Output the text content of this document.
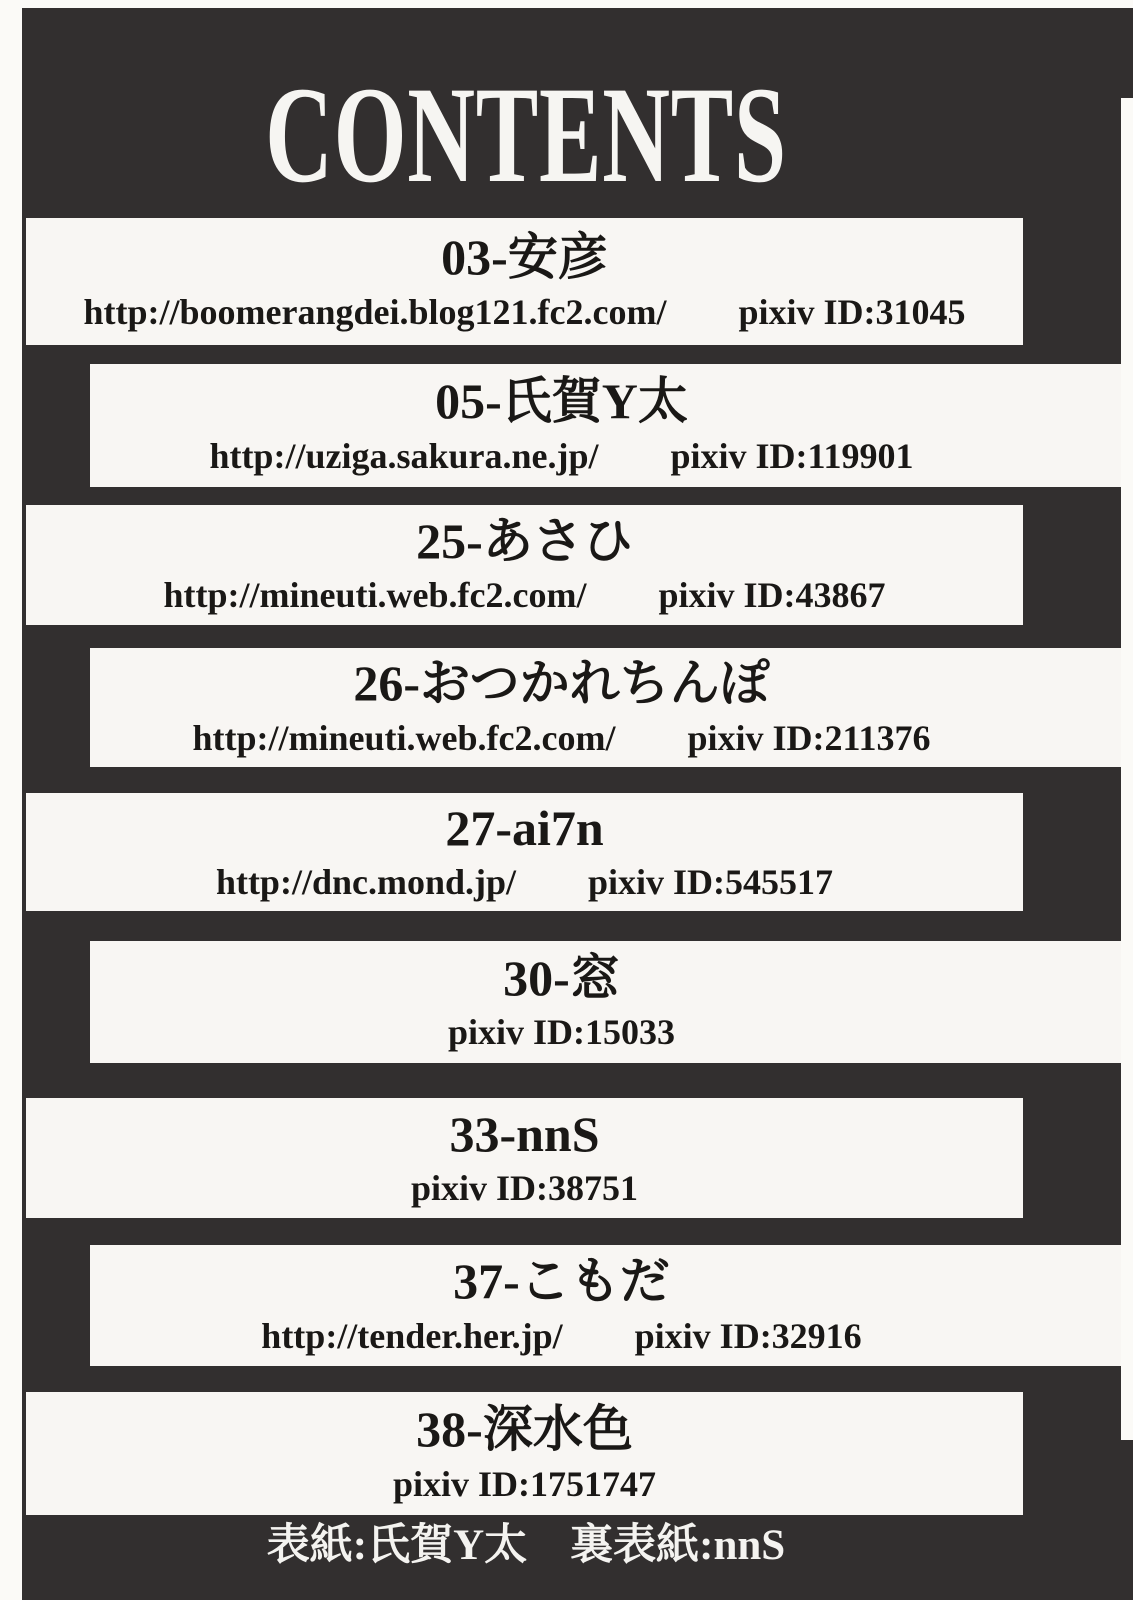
CONTENTS
03-安彦
http://boomerangdei.blog121.fc2.com/ pixiv ID:31045
05-氏賀Y太
http://uziga.sakura.ne.jp/ pixiv ID:119901
25-あさひ
http://mineuti.web.fc2.com/ pixiv ID:43867
26-おつかれちんぽ
http://mineuti.web.fc2.com/ pixiv ID:211376
27-ai7n
http://dnc.mond.jp/ pixiv ID:545517
30-窓
pixiv ID:15033
33-nnS
pixiv ID:38751
37-こもだ
http://tender.her.jp/ pixiv ID:32916
38-深水色
pixiv ID:1751747
表紙:氏賀Y太　裏表紙:nnS
